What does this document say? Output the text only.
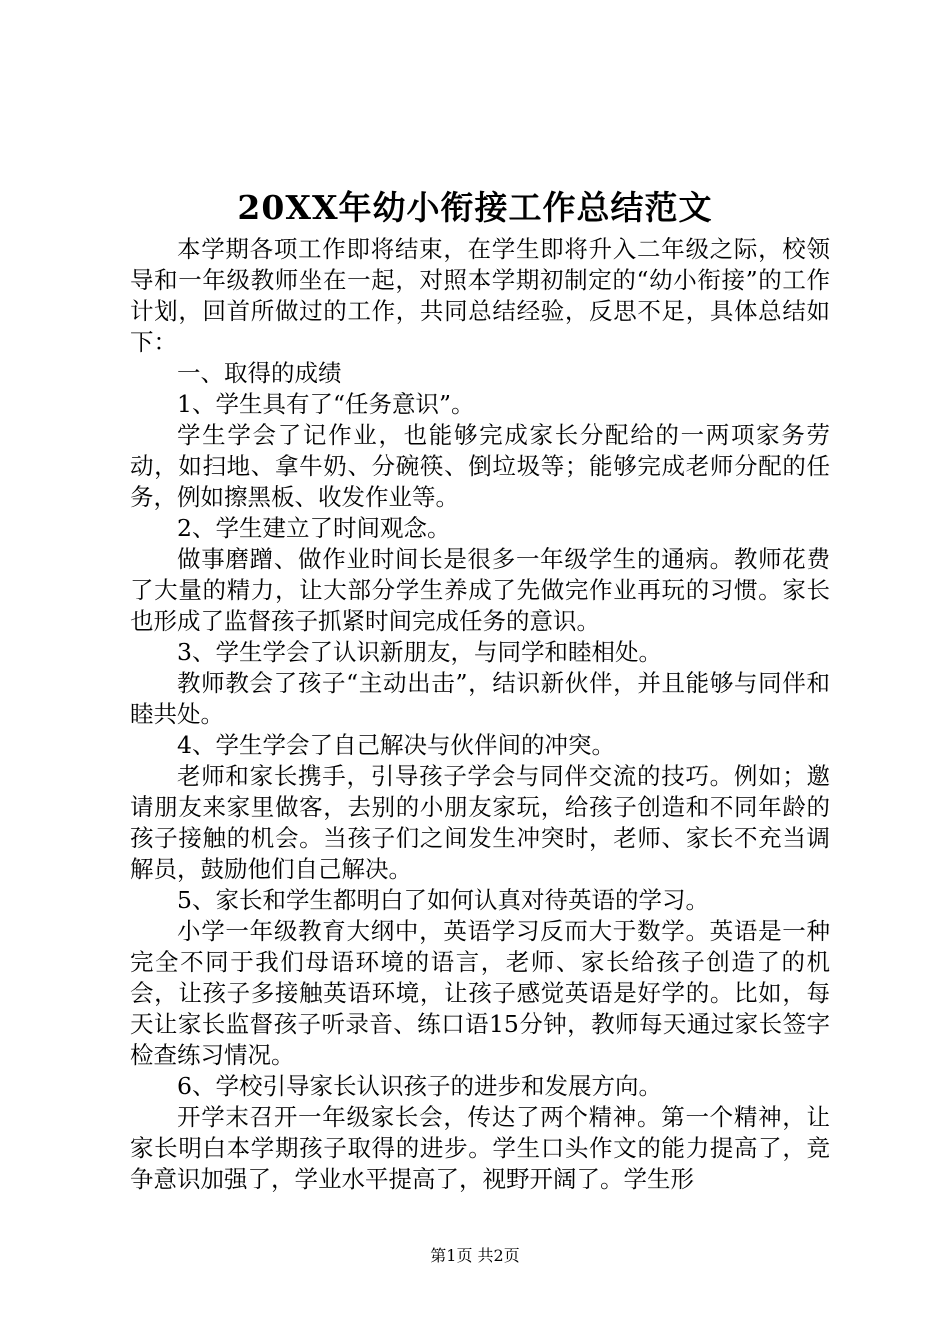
20XX年幼小衔接工作总结范文

本学期各项工作即将结束，在学生即将升入二年级之际，校领导和一年级教师坐在一起，对照本学期初制定的“幼小衔接”的工作计划，回首所做过的工作，共同总结经验，反思不足，具体总结如下：

一、取得的成绩

1、学生具有了“任务意识”。

学生学会了记作业，也能够完成家长分配给的一两项家务劳动，如扫地、拿牛奶、分碗筷、倒垃圾等；能够完成老师分配的任务，例如擦黑板、收发作业等。

2、学生建立了时间观念。

做事磨蹭、做作业时间长是很多一年级学生的通病。教师花费了大量的精力，让大部分学生养成了先做完作业再玩的习惯。家长也形成了监督孩子抓紧时间完成任务的意识。

3、学生学会了认识新朋友，与同学和睦相处。

教师教会了孩子“主动出击”，结识新伙伴，并且能够与同伴和睦共处。

4、学生学会了自己解决与伙伴间的冲突。

老师和家长携手，引导孩子学会与同伴交流的技巧。例如；邀请朋友来家里做客，去别的小朋友家玩，给孩子创造和不同年龄的孩子接触的机会。当孩子们之间发生冲突时，老师、家长不充当调解员，鼓励他们自己解决。

5、家长和学生都明白了如何认真对待英语的学习。

小学一年级教育大纲中，英语学习反而大于数学。英语是一种完全不同于我们母语环境的语言，老师、家长给孩子创造了的机会，让孩子多接触英语环境，让孩子感觉英语是好学的。比如，每天让家长监督孩子听录音、练口语15分钟，教师每天通过家长签字检查练习情况。

6、学校引导家长认识孩子的进步和发展方向。

开学末召开一年级家长会，传达了两个精神。第一个精神，让家长明白本学期孩子取得的进步。学生口头作文的能力提高了，竞争意识加强了，学业水平提高了，视野开阔了。学生形

第1页 共2页
